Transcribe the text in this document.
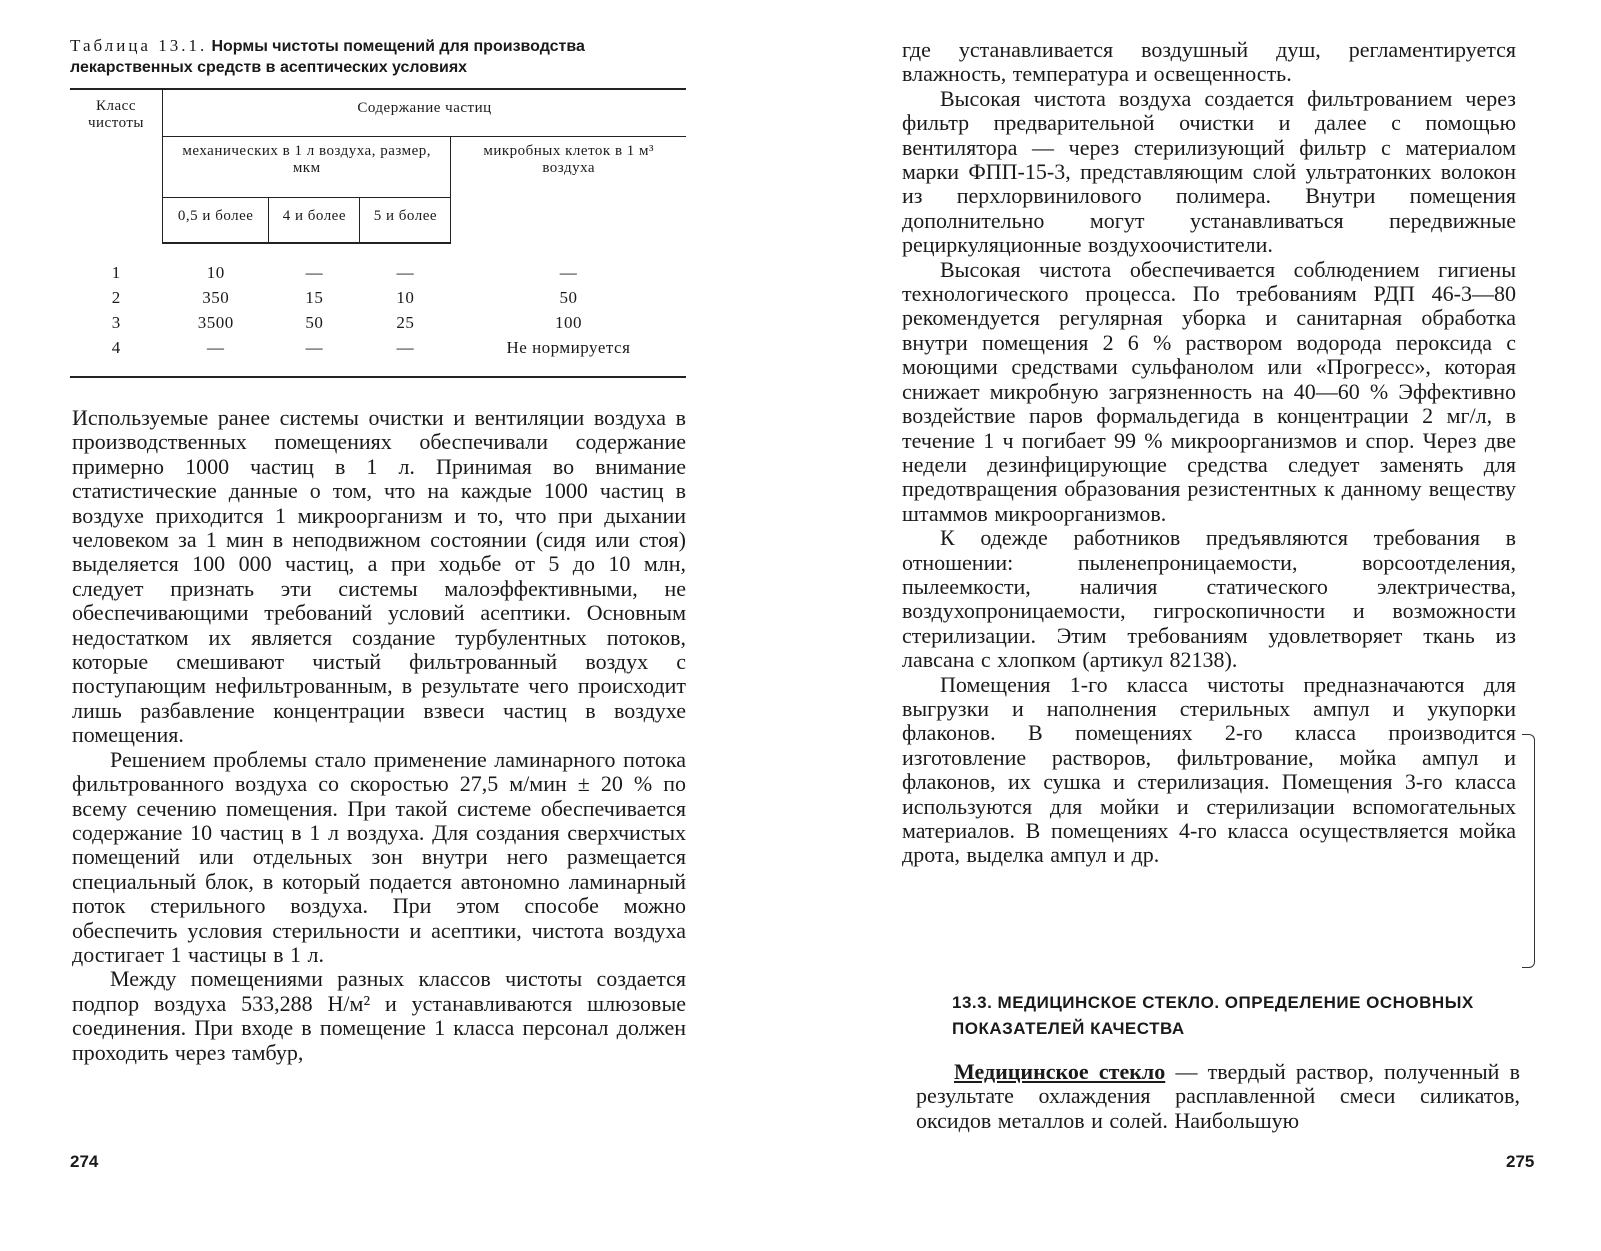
Таблица 13.1. Нормы чистоты помещений для производства лекарственных средств в асептических условиях
Класс чистоты	Содержание частиц			
	механических в 1 л воздуха, размер, мкм			микробных клеток в 1 м³ воздуха
	0,5 и более	4 и более	5 и более	
1	10	—	—	—
2	350	15	10	50
3	3500	50	25	100
4	—	—	—	Не нормируется

Используемые ранее системы очистки и вентиляции воздуха в производственных помещениях обеспечивали содержание примерно 1000 частиц в 1 л. Принимая во внимание статистические данные о том, что на каждые 1000 частиц в воздухе приходится 1 микроорганизм и то, что при дыхании человеком за 1 мин в неподвижном состоянии (сидя или стоя) выделяется 100 000 частиц, а при ходьбе от 5 до 10 млн, следует признать эти системы малоэффективными, не обеспечивающими требований условий асептики. Основным недостатком их является создание турбулентных потоков, которые смешивают чистый фильтрованный воздух с поступающим нефильтрованным, в результате чего происходит лишь разбавление концентрации взвеси частиц в воздухе помещения.

Решением проблемы стало применение ламинарного потока фильтрованного воздуха со скоростью 27,5 м/мин ± 20 % по всему сечению помещения. При такой системе обеспечивается содержание 10 частиц в 1 л воздуха. Для создания сверхчистых помещений или отдельных зон внутри него размещается специальный блок, в который подается автономно ламинарный поток стерильного воздуха. При этом способе можно обеспечить условия стерильности и асептики, чистота воздуха достигает 1 частицы в 1 л.

Между помещениями разных классов чистоты создается подпор воздуха 533,288 Н/м² и устанавливаются шлюзовые соединения. При входе в помещение 1 класса персонал должен проходить через тамбур,

274

где устанавливается воздушный душ, регламентируется влажность, температура и освещенность.

Высокая чистота воздуха создается фильтрованием через фильтр предварительной очистки и далее с помощью вентилятора — через стерилизующий фильтр с материалом марки ФПП-15-3, представляющим слой ультратонких волокон из перхлорвинилового полимера. Внутри помещения дополнительно могут устанавливаться передвижные рециркуляционные воздухоочистители.

Высокая чистота обеспечивается соблюдением гигиены технологического процесса. По требованиям РДП 46-3—80 рекомендуется регулярная уборка и санитарная обработка внутри помещения 2 6 % раствором водорода пероксида с моющими средствами сульфанолом или «Прогресс», которая снижает микробную загрязненность на 40—60 % Эффективно воздействие паров формальдегида в концентрации 2 мг/л, в течение 1 ч погибает 99 % микроорганизмов и спор. Через две недели дезинфицирующие средства следует заменять для предотвращения образования резистентных к данному веществу штаммов микроорганизмов.

К одежде работников предъявляются требования в отношении: пыленепроницаемости, ворсоотделения, пылеемкости, наличия статического электричества, воздухопроницаемости, гигроскопичности и возможности стерилизации. Этим требованиям удовлетворяет ткань из лавсана с хлопком (артикул 82138).

Помещения 1-го класса чистоты предназначаются для выгрузки и наполнения стерильных ампул и укупорки флаконов. В помещениях 2-го класса производится изготовление растворов, фильтрование, мойка ампул и флаконов, их сушка и стерилизация. Помещения 3-го класса используются для мойки и стерилизации вспомогательных материалов. В помещениях 4-го класса осуществляется мойка дрота, выделка ампул и др.

13.3. МЕДИЦИНСКОЕ СТЕКЛО. ОПРЕДЕЛЕНИЕ ОСНОВНЫХ ПОКАЗАТЕЛЕЙ КАЧЕСТВА

Медицинское стекло — твердый раствор, полученный в результате охлаждения расплавленной смеси силикатов, оксидов металлов и солей. Наибольшую

275
